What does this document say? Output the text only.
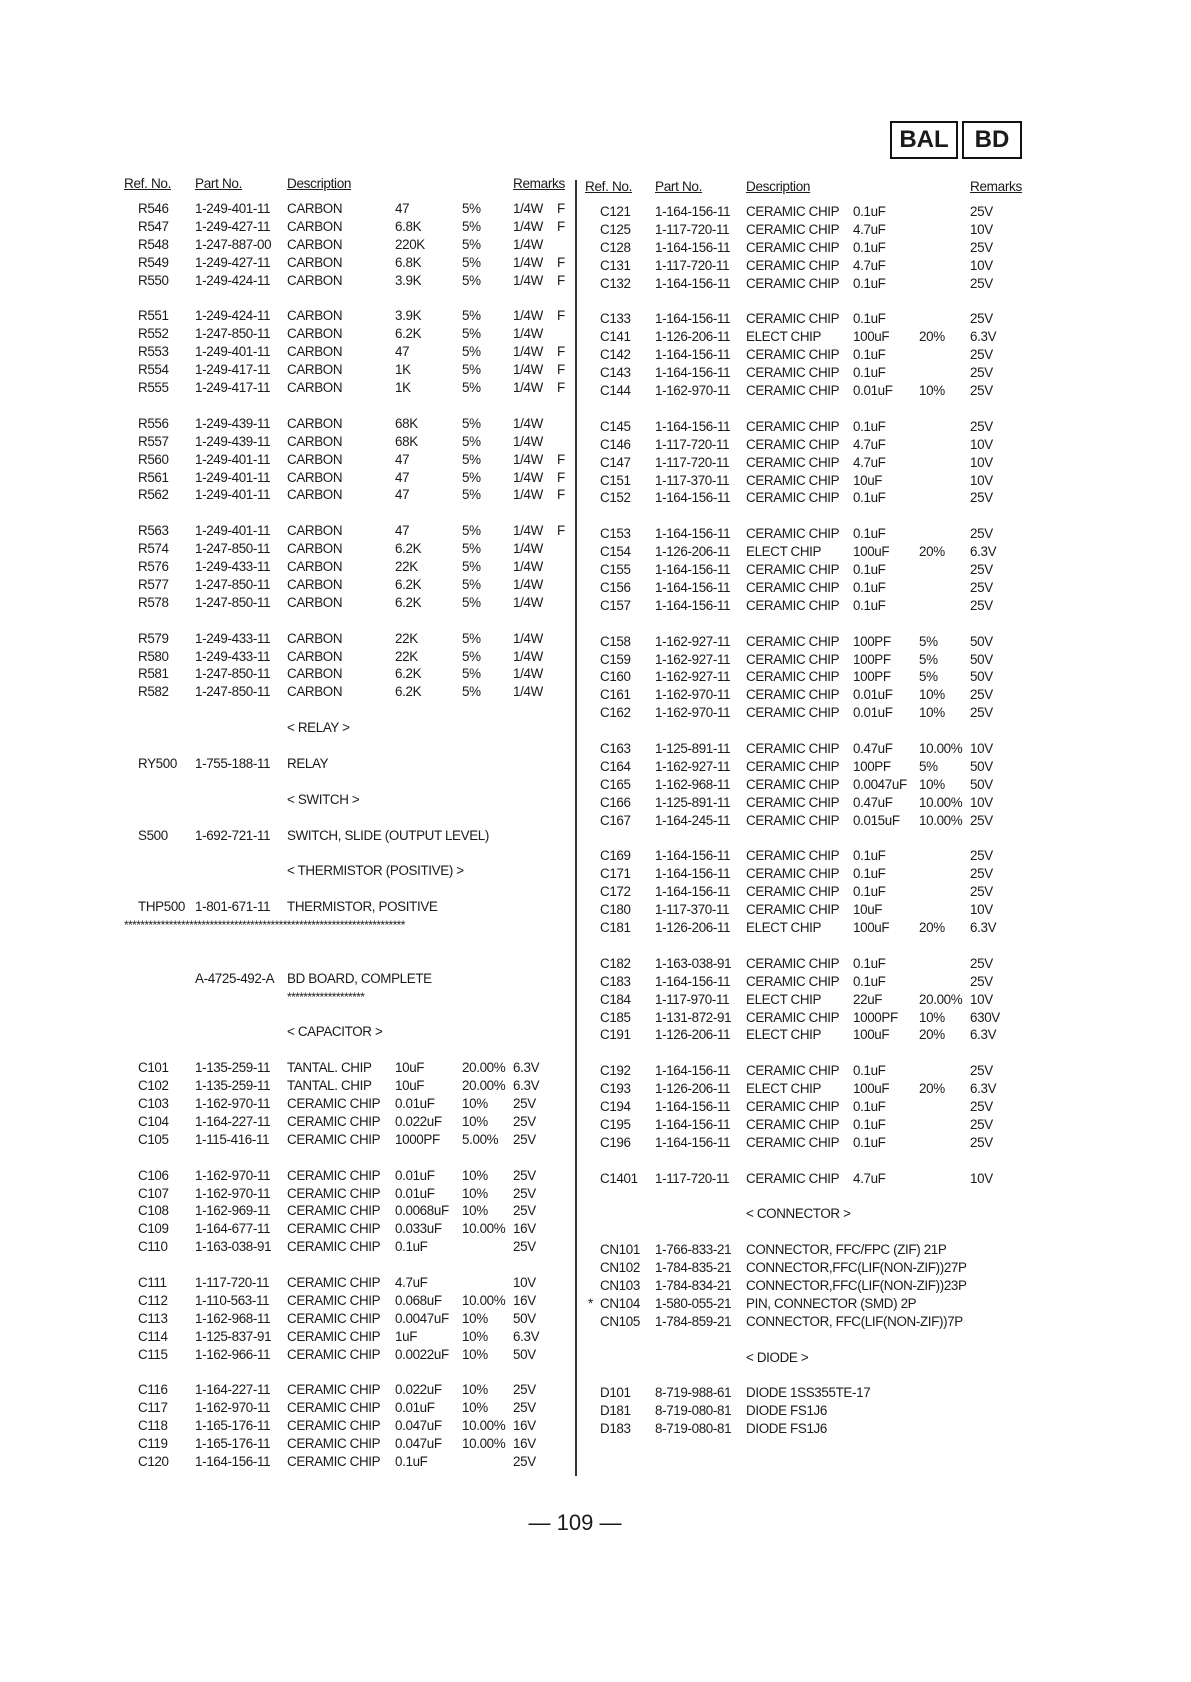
BAL	BD
Ref. No. Part No.	Description	Remarks Ref. No. Part No.	Description	Remarks
R546 1-249-401-11 CARBON	47	5% 1/4W F
R547 1-249-427-11 CARBON	6.8K	5% 1/4W F
R548 1-247-887-00 CARBON	220K	5% 1/4W
R549 1-249-427-11 CARBON	6.8K	5% 1/4W F
R550 1-249-424-11 CARBON	3.9K	5% 1/4W F
R551 1-249-424-11 CARBON	3.9K	5% 1/4W F
R552 1-247-850-11 CARBON	6.2K	5% 1/4W
R553 1-249-401-11 CARBON	47	5% 1/4W F
R554 1-249-417-11 CARBON	1K	5% 1/4W F
R555 1-249-417-11 CARBON	1K	5% 1/4W F
R556 1-249-439-11 CARBON	68K	5% 1/4W
R557 1-249-439-11 CARBON	68K	5% 1/4W
R560 1-249-401-11 CARBON	47	5% 1/4W F
R561 1-249-401-11 CARBON	47	5% 1/4W F
R562 1-249-401-11 CARBON	47	5% 1/4W F
R563 1-249-401-11 CARBON	47	5% 1/4W F
R574 1-247-850-11 CARBON	6.2K	5% 1/4W
R576 1-249-433-11 CARBON	22K	5% 1/4W
R577 1-247-850-11 CARBON	6.2K	5% 1/4W
R578 1-247-850-11 CARBON	6.2K	5% 1/4W
R579 1-249-433-11 CARBON	22K	5% 1/4W
R580 1-249-433-11 CARBON	22K	5% 1/4W
R581 1-247-850-11 CARBON	6.2K	5% 1/4W
R582 1-247-850-11 CARBON	6.2K	5% 1/4W
< RELAY >
RY500 1-755-188-11 RELAY
< SWITCH >
S500 1-692-721-11 SWITCH, SLIDE (OUTPUT LEVEL)
< THERMISTOR (POSITIVE) >
THP500 1-801-671-11 THERMISTOR, POSITIVE
*********************************************************************
A-4725-492-A BD BOARD, COMPLETE
*******************
< CAPACITOR >
C101 1-135-259-11 TANTAL. CHIP 10uF	20.00% 6.3V
C102 1-135-259-11 TANTAL. CHIP 10uF	20.00% 6.3V
C103 1-162-970-11 CERAMIC CHIP 0.01uF 10% 25V
C104 1-164-227-11 CERAMIC CHIP 0.022uF 10% 25V
C105 1-115-416-11 CERAMIC CHIP 1000PF 5.00% 25V
C106 1-162-970-11 CERAMIC CHIP 0.01uF 10% 25V
C107 1-162-970-11 CERAMIC CHIP 0.01uF 10% 25V
C108 1-162-969-11 CERAMIC CHIP 0.0068uF 10% 25V
C109 1-164-677-11 CERAMIC CHIP 0.033uF 10.00% 16V
C110 1-163-038-91 CERAMIC CHIP 0.1uF	25V
C111 1-117-720-11 CERAMIC CHIP 4.7uF	10V
C112 1-110-563-11 CERAMIC CHIP 0.068uF 10.00% 16V
C113 1-162-968-11 CERAMIC CHIP 0.0047uF 10% 50V
C114 1-125-837-91 CERAMIC CHIP 1uF	10% 6.3V
C115 1-162-966-11 CERAMIC CHIP 0.0022uF 10% 50V
C116 1-164-227-11 CERAMIC CHIP 0.022uF 10% 25V
C117 1-162-970-11 CERAMIC CHIP 0.01uF 10% 25V
C118 1-165-176-11 CERAMIC CHIP 0.047uF 10.00% 16V
C119 1-165-176-11 CERAMIC CHIP 0.047uF 10.00% 16V
C120 1-164-156-11 CERAMIC CHIP 0.1uF	25V
C121 1-164-156-11 CERAMIC CHIP 0.1uF	25V
C125 1-117-720-11 CERAMIC CHIP 4.7uF	10V
C128 1-164-156-11 CERAMIC CHIP 0.1uF	25V
C131 1-117-720-11 CERAMIC CHIP 4.7uF	10V
C132 1-164-156-11 CERAMIC CHIP 0.1uF	25V
C133 1-164-156-11 CERAMIC CHIP 0.1uF	25V
C141 1-126-206-11 ELECT CHIP 100uF 20% 6.3V
C142 1-164-156-11 CERAMIC CHIP 0.1uF	25V
C143 1-164-156-11 CERAMIC CHIP 0.1uF	25V
C144 1-162-970-11 CERAMIC CHIP 0.01uF 10% 25V
C145 1-164-156-11 CERAMIC CHIP 0.1uF	25V
C146 1-117-720-11 CERAMIC CHIP 4.7uF	10V
C147 1-117-720-11 CERAMIC CHIP 4.7uF	10V
C151 1-117-370-11 CERAMIC CHIP 10uF	10V
C152 1-164-156-11 CERAMIC CHIP 0.1uF	25V
C153 1-164-156-11 CERAMIC CHIP 0.1uF	25V
C154 1-126-206-11 ELECT CHIP 100uF 20% 6.3V
C155 1-164-156-11 CERAMIC CHIP 0.1uF	25V
C156 1-164-156-11 CERAMIC CHIP 0.1uF	25V
C157 1-164-156-11 CERAMIC CHIP 0.1uF	25V
C158 1-162-927-11 CERAMIC CHIP 100PF 5% 50V
C159 1-162-927-11 CERAMIC CHIP 100PF 5% 50V
C160 1-162-927-11 CERAMIC CHIP 100PF 5% 50V
C161 1-162-970-11 CERAMIC CHIP 0.01uF 10% 25V
C162 1-162-970-11 CERAMIC CHIP 0.01uF 10% 25V
C163 1-125-891-11 CERAMIC CHIP 0.47uF 10.00% 10V
C164 1-162-927-11 CERAMIC CHIP 100PF 5% 50V
C165 1-162-968-11 CERAMIC CHIP 0.0047uF 10% 50V
C166 1-125-891-11 CERAMIC CHIP 0.47uF 10.00% 10V
C167 1-164-245-11 CERAMIC CHIP 0.015uF 10.00% 25V
C169 1-164-156-11 CERAMIC CHIP 0.1uF	25V
C171 1-164-156-11 CERAMIC CHIP 0.1uF	25V
C172 1-164-156-11 CERAMIC CHIP 0.1uF	25V
C180 1-117-370-11 CERAMIC CHIP 10uF	10V
C181 1-126-206-11 ELECT CHIP 100uF 20% 6.3V
C182 1-163-038-91 CERAMIC CHIP 0.1uF	25V
C183 1-164-156-11 CERAMIC CHIP 0.1uF	25V
C184 1-117-970-11 ELECT CHIP 22uF	20.00% 10V
C185 1-131-872-91 CERAMIC CHIP 1000PF 10% 630V
C191 1-126-206-11 ELECT CHIP 100uF 20% 6.3V
C192 1-164-156-11 CERAMIC CHIP 0.1uF	25V
C193 1-126-206-11 ELECT CHIP 100uF 20% 6.3V
C194 1-164-156-11 CERAMIC CHIP 0.1uF	25V
C195 1-164-156-11 CERAMIC CHIP 0.1uF	25V
C196 1-164-156-11 CERAMIC CHIP 0.1uF	25V
C1401 1-117-720-11 CERAMIC CHIP 4.7uF	10V
< CONNECTOR >
CN101 1-766-833-21 CONNECTOR, FFC/FPC (ZIF) 21P
CN102 1-784-835-21 CONNECTOR,FFC(LIF(NON-ZIF))27P
CN103 1-784-834-21 CONNECTOR,FFC(LIF(NON-ZIF))23P
* CN104 1-580-055-21 PIN, CONNECTOR (SMD) 2P
CN105 1-784-859-21 CONNECTOR, FFC(LIF(NON-ZIF))7P
< DIODE >
D101 8-719-988-61 DIODE 1SS355TE-17
D181 8-719-080-81 DIODE FS1J6
D183 8-719-080-81 DIODE FS1J6
— 109 —
